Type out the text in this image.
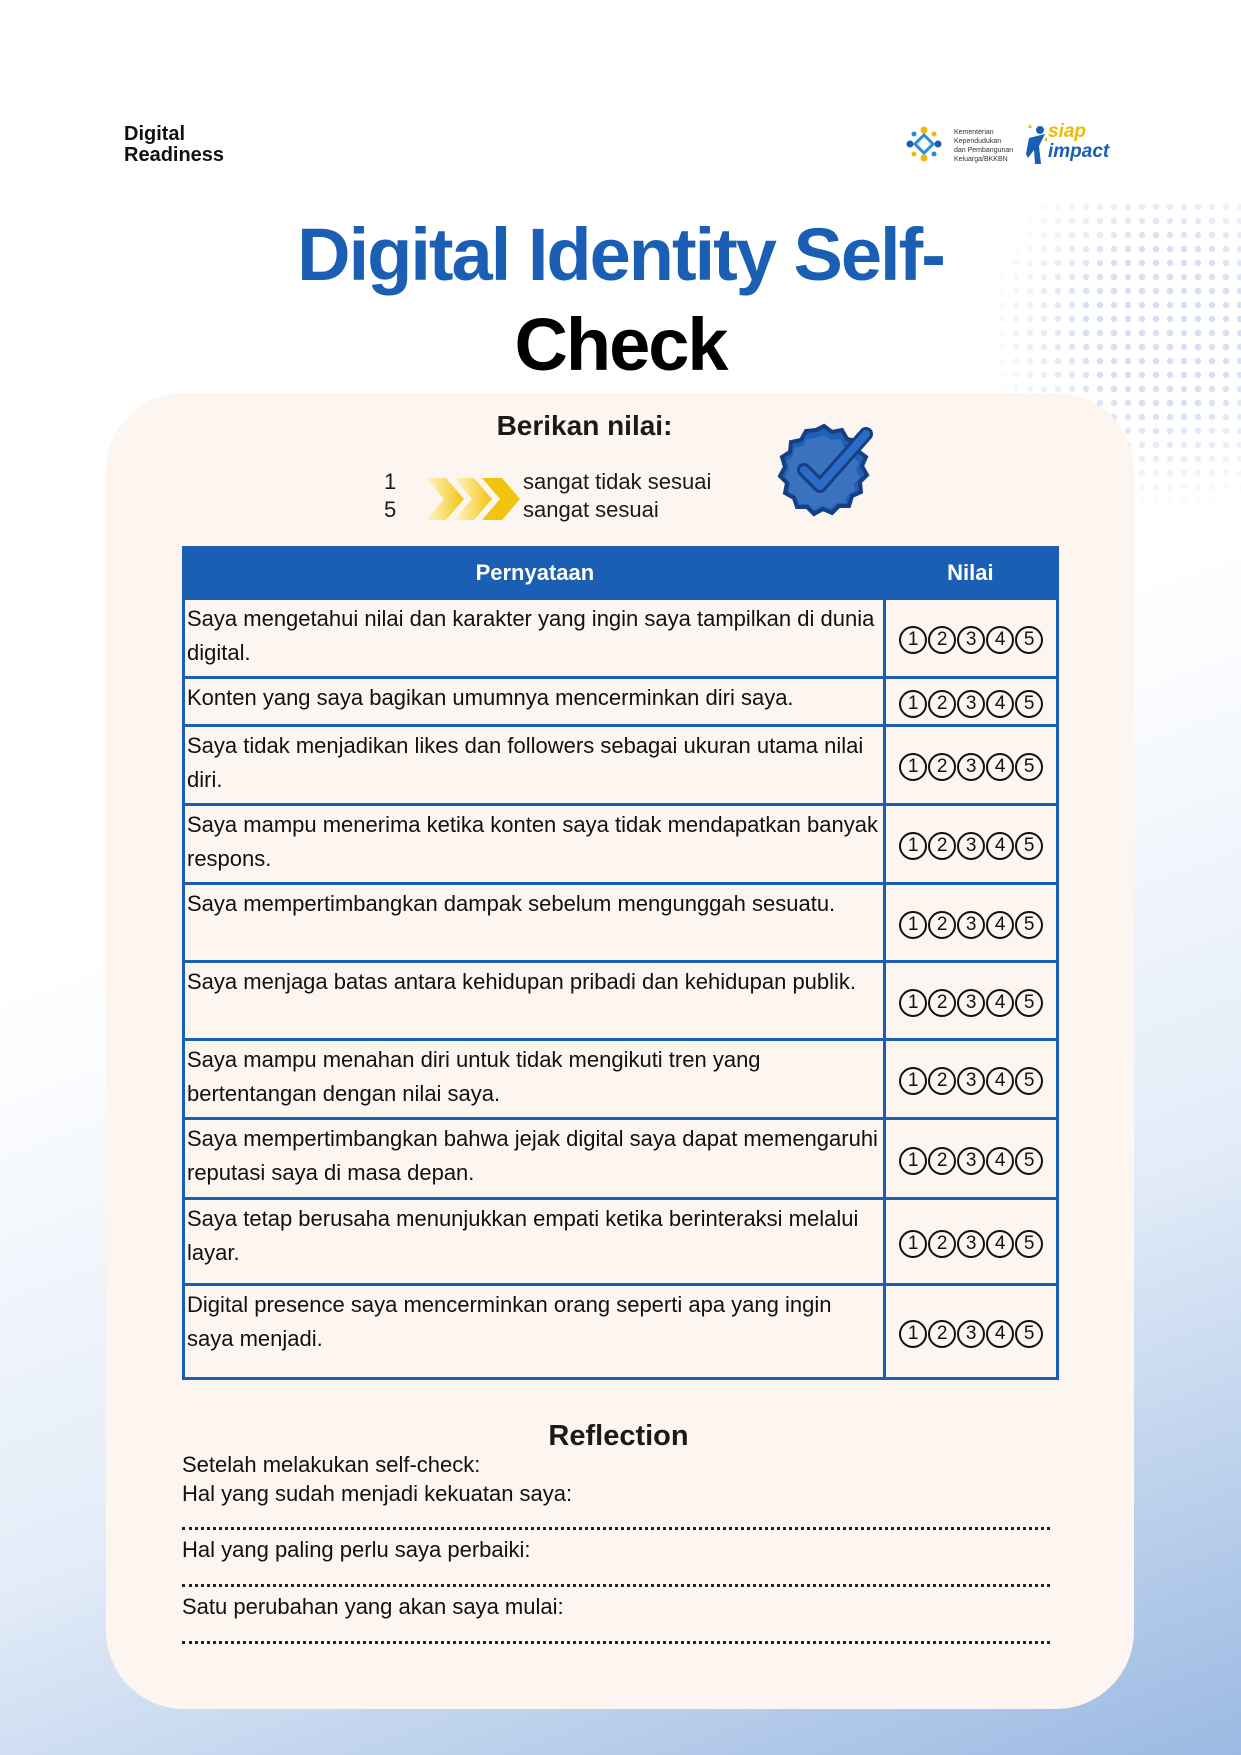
Digital
Readiness
Kementerian
Kependudukan
dan Pembangunan
Keluarga/BKKBN
siap
impact
Digital Identity Self-
Check
Berikan nilai:
1
5
sangat tidak sesuai
sangat sesuai
Pernyataan	Nilai
Saya mengetahui nilai dan karakter yang ingin saya tampilkan di dunia digital.	1 2 3 4 5

Konten yang saya bagikan umumnya mencerminkan diri saya.	1 2 3 4 5

Saya tidak menjadikan likes dan followers sebagai ukuran utama nilai diri.	1 2 3 4 5

Saya mampu menerima ketika konten saya tidak mendapatkan banyak respons.	1 2 3 4 5

Saya mempertimbangkan dampak sebelum mengunggah sesuatu.	1 2 3 4 5

Saya menjaga batas antara kehidupan pribadi dan kehidupan publik.	1 2 3 4 5

Saya mampu menahan diri untuk tidak mengikuti tren yang bertentangan dengan nilai saya.	1 2 3 4 5

Saya mempertimbangkan bahwa jejak digital saya dapat memengaruhi reputasi saya di masa depan.	1 2 3 4 5

Saya tetap berusaha menunjukkan empati ketika berinteraksi melalui layar.	1 2 3 4 5

Digital presence saya mencerminkan orang seperti apa yang ingin saya menjadi.	1 2 3 4 5
Reflection
Setelah melakukan self-check:
Hal yang sudah menjadi kekuatan saya:
Hal yang paling perlu saya perbaiki:
Satu perubahan yang akan saya mulai:
